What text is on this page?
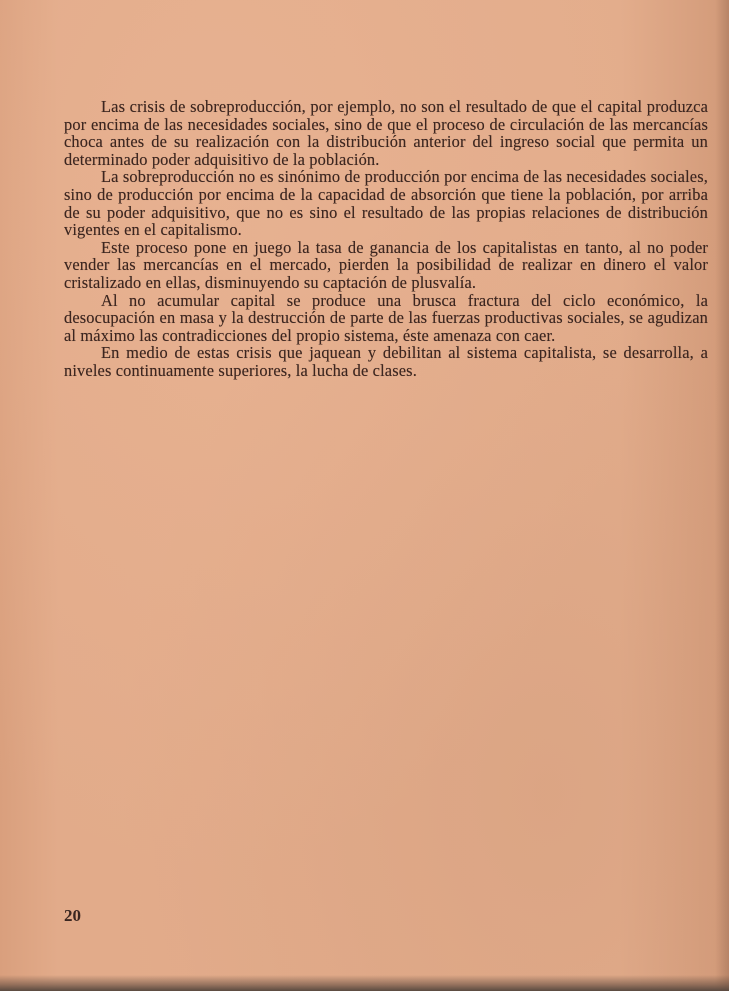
Las crisis de sobreproducción, por ejemplo, no son el resultado de que el capital produzca por encima de las necesidades sociales, sino de que el proceso de circulación de las mercancías choca antes de su realización con la distribución anterior del ingreso social que permita un determinado poder adquisitivo de la población.

La sobreproducción no es sinónimo de producción por encima de las necesidades sociales, sino de producción por encima de la capacidad de absorción que tiene la población, por arriba de su poder adquisitivo, que no es sino el resultado de las propias relaciones de distribución vigentes en el capitalismo.

Este proceso pone en juego la tasa de ganancia de los capitalistas en tanto, al no poder vender las mercancías en el mercado, pierden la posibilidad de realizar en dinero el valor cristalizado en ellas, disminuyendo su captación de plusvalía.

Al no acumular capital se produce una brusca fractura del ciclo económico, la desocupación en masa y la destrucción de parte de las fuerzas productivas sociales, se agudizan al máximo las contradicciones del propio sistema, éste amenaza con caer.

En medio de estas crisis que jaquean y debilitan al sistema capitalista, se desarrolla, a niveles continuamente superiores, la lucha de clases.

20
